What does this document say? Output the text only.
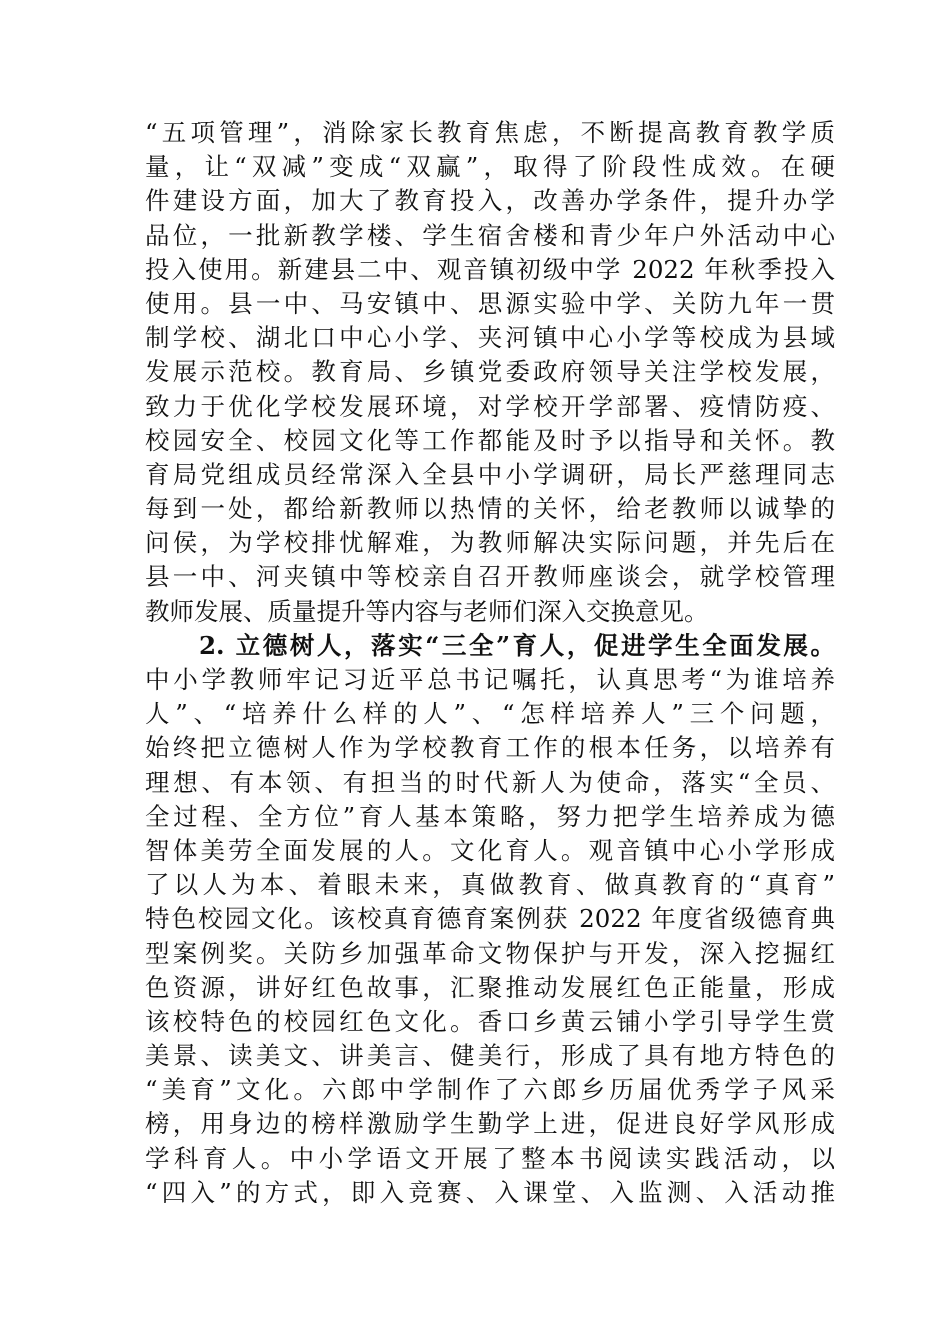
“五项管理”，消除家长教育焦虑，不断提高教育教学质
量，让“双减”变成“双赢”，取得了阶段性成效。在硬
件建设方面，加大了教育投入，改善办学条件，提升办学
品位，一批新教学楼、学生宿舍楼和青少年户外活动中心
投入使用。新建县二中、观音镇初级中学 2022 年秋季投入
使用。县一中、马安镇中、思源实验中学、关防九年一贯
制学校、湖北口中心小学、夹河镇中心小学等校成为县域
发展示范校。教育局、乡镇党委政府领导关注学校发展，
致力于优化学校发展环境，对学校开学部署、疫情防疫、
校园安全、校园文化等工作都能及时予以指导和关怀。教
育局党组成员经常深入全县中小学调研，局长严慈理同志
每到一处，都给新教师以热情的关怀，给老教师以诚挚的
问侯，为学校排忧解难，为教师解决实际问题，并先后在
县一中、河夹镇中等校亲自召开教师座谈会，就学校管理
教师发展、质量提升等内容与老师们深入交换意见。
2. 立德树人，落实“三全”育人，促进学生全面发展。
中小学教师牢记习近平总书记嘱托，认真思考“为谁培养
人”、“培养什么样的人”、“怎样培养人”三个问题，
始终把立德树人作为学校教育工作的根本任务，以培养有
理想、有本领、有担当的时代新人为使命，落实“全员、
全过程、全方位”育人基本策略，努力把学生培养成为德
智体美劳全面发展的人。文化育人。观音镇中心小学形成
了以人为本、着眼未来，真做教育、做真教育的“真育”
特色校园文化。该校真育德育案例获 2022 年度省级德育典
型案例奖。关防乡加强革命文物保护与开发，深入挖掘红
色资源，讲好红色故事，汇聚推动发展红色正能量，形成
该校特色的校园红色文化。香口乡黄云铺小学引导学生赏
美景、读美文、讲美言、健美行，形成了具有地方特色的
“美育”文化。六郎中学制作了六郎乡历届优秀学子风采
榜，用身边的榜样激励学生勤学上进，促进良好学风形成
学科育人。中小学语文开展了整本书阅读实践活动，以
“四入”的方式，即入竞赛、入课堂、入监测、入活动推
